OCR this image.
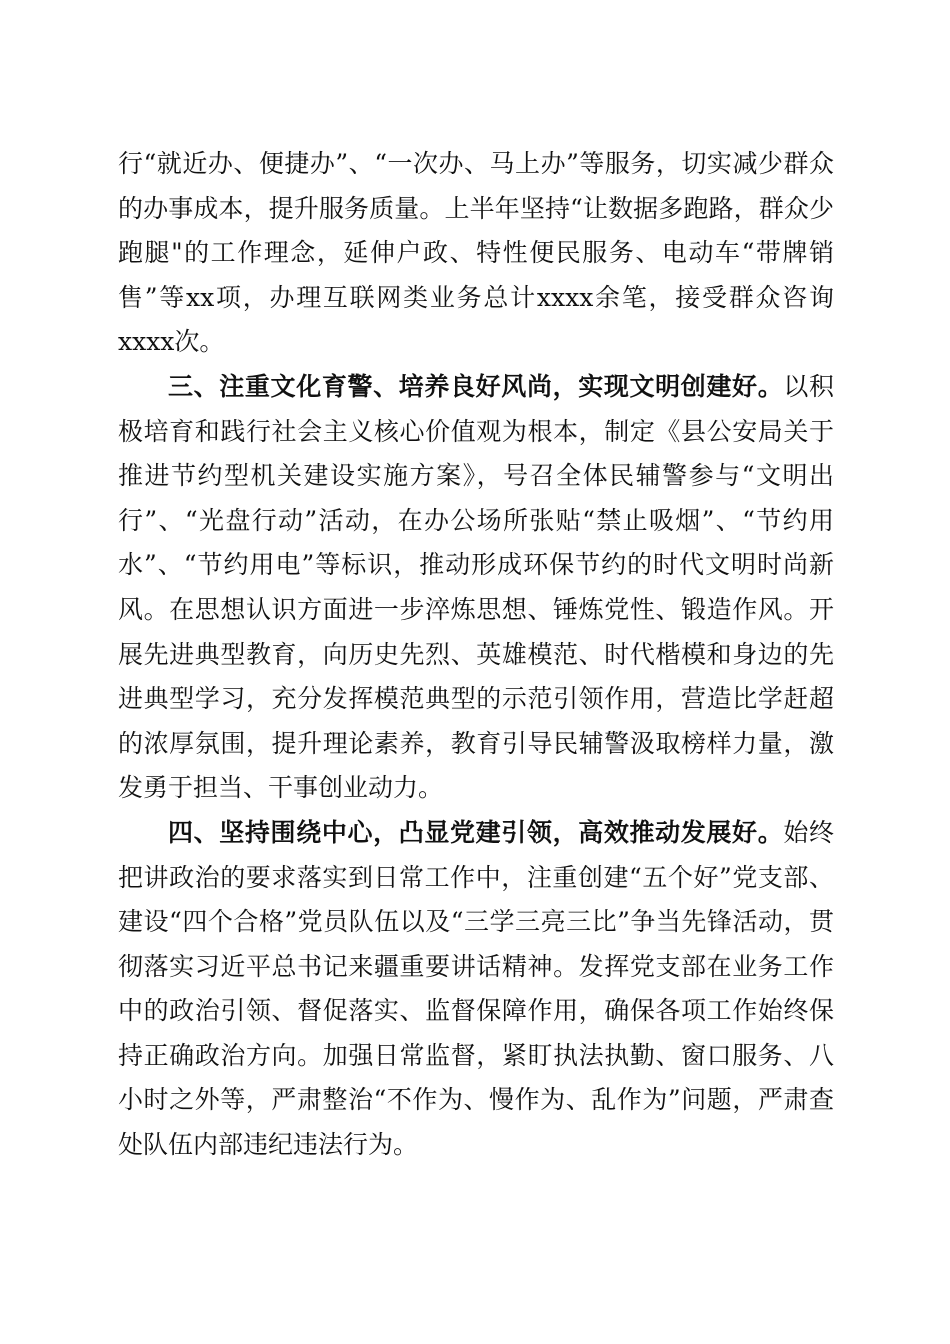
行“就近办、便捷办”、“一次办、马上办”等服务，切实减少群众的办事成本，提升服务质量。上半年坚持“让数据多跑路，群众少跑腿"的工作理念，延伸户政、特性便民服务、电动车“带牌销售”等xx项，办理互联网类业务总计xxxx余笔，接受群众咨询xxxx次。

三、注重文化育警、培养良好风尚，实现文明创建好。以积极培育和践行社会主义核心价值观为根本，制定《县公安局关于推进节约型机关建设实施方案》，号召全体民辅警参与“文明出行”、“光盘行动”活动，在办公场所张贴“禁止吸烟”、“节约用水”、“节约用电”等标识，推动形成环保节约的时代文明时尚新风。在思想认识方面进一步淬炼思想、锤炼党性、锻造作风。开展先进典型教育，向历史先烈、英雄模范、时代楷模和身边的先进典型学习，充分发挥模范典型的示范引领作用，营造比学赶超的浓厚氛围，提升理论素养，教育引导民辅警汲取榜样力量，激发勇于担当、干事创业动力。

四、坚持围绕中心，凸显党建引领，高效推动发展好。始终把讲政治的要求落实到日常工作中，注重创建“五个好”党支部、建设“四个合格”党员队伍以及“三学三亮三比”争当先锋活动，贯彻落实习近平总书记来疆重要讲话精神。发挥党支部在业务工作中的政治引领、督促落实、监督保障作用，确保各项工作始终保持正确政治方向。加强日常监督，紧盯执法执勤、窗口服务、八小时之外等，严肃整治“不作为、慢作为、乱作为”问题，严肃查处队伍内部违纪违法行为。
